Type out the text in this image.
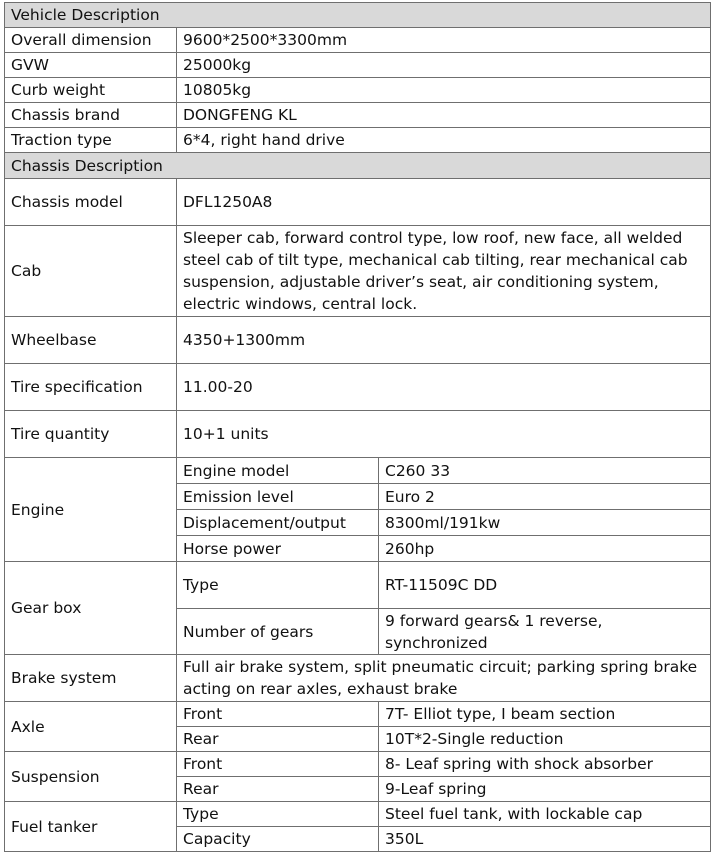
Vehicle Description		
Overall dimension	9600*2500*3300mm	
GVW	25000kg	
Curb weight	10805kg	
Chassis brand	DONGFENG KL	
Traction type	6*4, right hand drive	
Chassis Description		
Chassis model	DFL1250A8	
Cab	Sleeper cab, forward control type, low roof, new face, all welded steel cab of tilt type, mechanical cab tilting, rear mechanical cab suspension, adjustable driver’s seat, air conditioning system, electric windows, central lock.	
Wheelbase	4350+1300mm	
Tire specification	11.00-20	
Tire quantity	10+1 units	
Engine	Engine model	C260 33
	Emission level	Euro 2
	Displacement/output	8300ml/191kw
	Horse power	260hp
Gear box	Type	RT-11509C DD
	Number of gears	9 forward gears& 1 reverse, synchronized
Brake system	Full air brake system, split pneumatic circuit; parking spring brake acting on rear axles, exhaust brake	
Axle	Front	7T- Elliot type, I beam section
	Rear	10T*2-Single reduction
Suspension	Front	8- Leaf spring with shock absorber
	Rear	9-Leaf spring
Fuel tanker	Type	Steel fuel tank, with lockable cap
	Capacity	350L
